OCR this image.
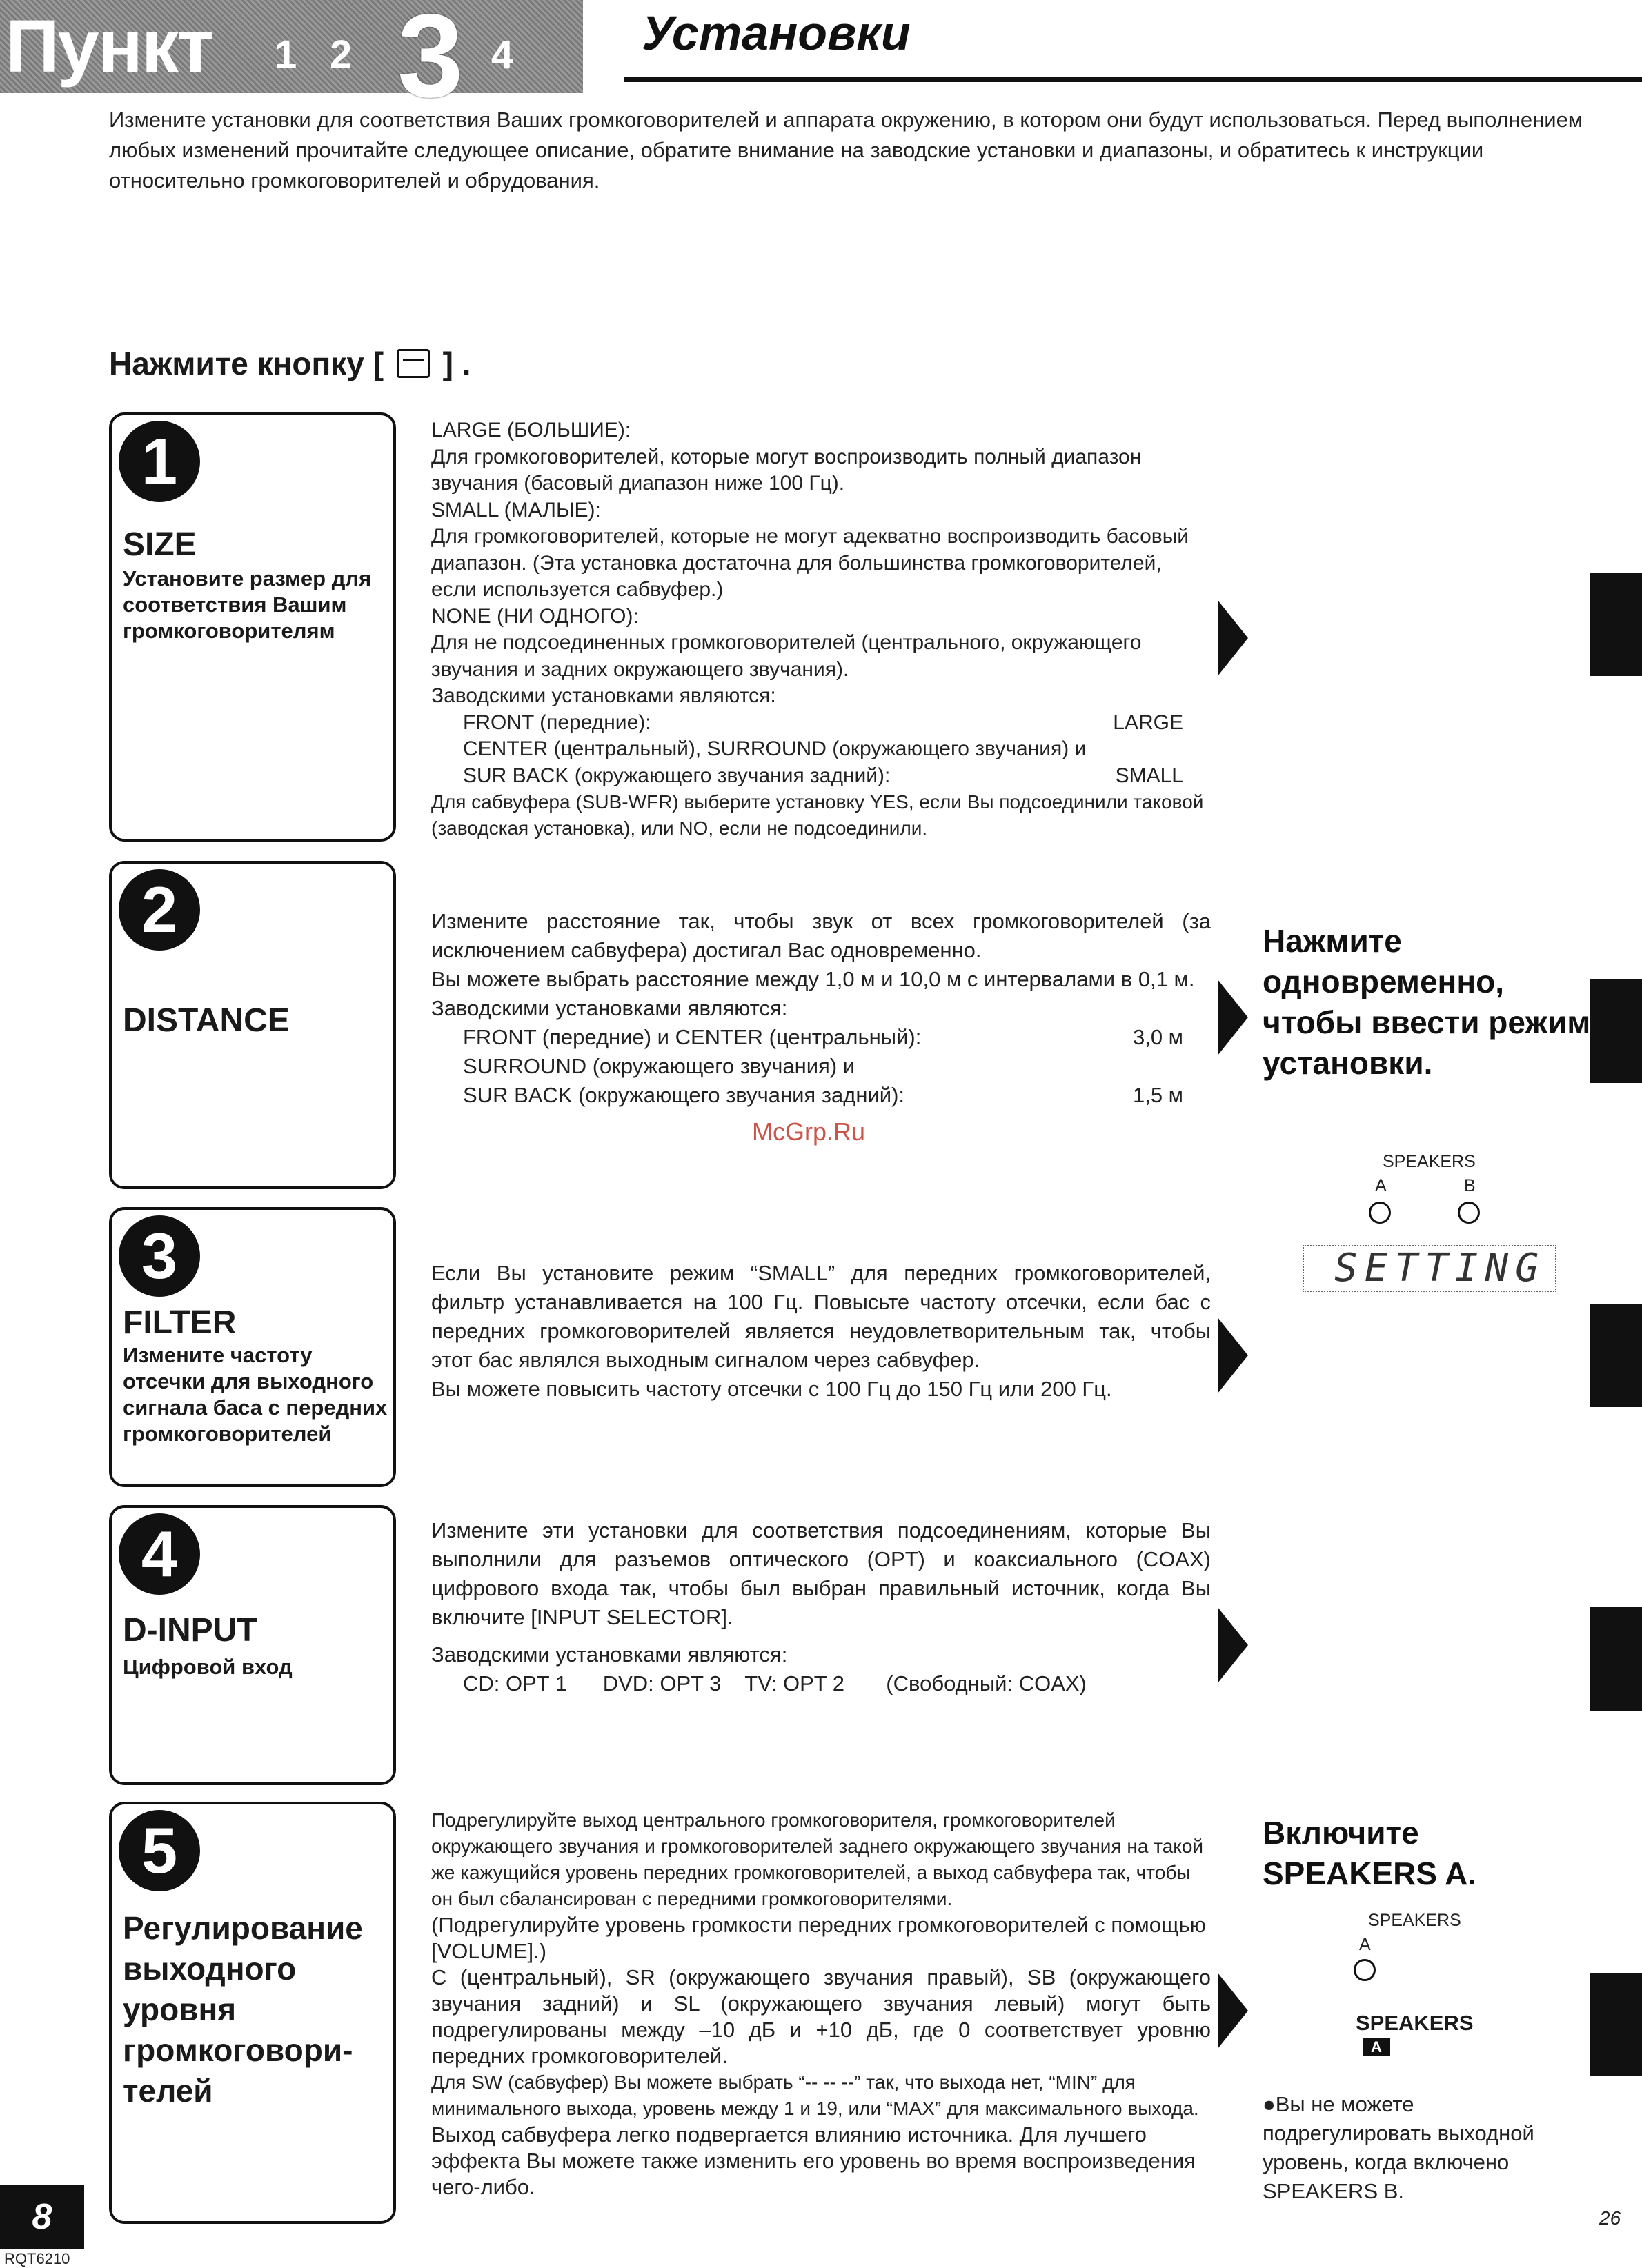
Пункт 1 2 3 4	Установки
Измените установки для соответствия Ваших громкоговорителей и аппарата окружению, в котором они будут использоваться. Перед выполнением любых изменений прочитайте следующее описание, обратите внимание на заводские установки и диапазоны, и обратитесь к инструкции относительно громкоговорителей и обрудования.
Нажмите кнопку [ ] .
1
SIZE
Установите размер для соответствия Вашим громкоговорителям
LARGE (БОЛЬШИЕ):
Для громкоговорителей, которые могут воспроизводить полный диапазон звучания (басовый диапазон ниже 100 Гц).
SMALL (МАЛЫЕ):
Для громкоговорителей, которые не могут адекватно воспроизводить басовый диапазон. (Эта установка достаточна для большинства громкоговорителей, если используется сабвуфер.)
NONE (НИ ОДНОГО):
Для не подсоединенных громкоговорителей (центрального, окружающего звучания и задних окружающего звучания).
Заводскими установками являются:
FRONT (передние):	LARGE
CENTER (центральный), SURROUND (окружающего звучания) и SUR BACK (окружающего звучания задний):	SMALL
Для сабвуфера (SUB-WFR) выберите установку YES, если Вы подсоединили таковой (заводская установка), или NO, если не подсоединили.
2
DISTANCE
Измените расстояние так, чтобы звук от всех громкоговорителей (за исключением сабвуфера) достигал Вас одновременно.
Вы можете выбрать расстояние между 1,0 м и 10,0 м с интервалами в 0,1 м.
Заводскими установками являются:
FRONT (передние) и CENTER (центральный):	3,0 м
SURROUND (окружающего звучания) и
SUR BACK (окружающего звучания задний):	1,5 м
3
FILTER
Измените частоту отсечки для выходного сигнала баса с передних громкоговорителей
Если Вы установите режим “SMALL” для передних громкоговорителей, фильтр устанавливается на 100 Гц. Повысьте частоту отсечки, если бас с передних громкоговорителей является неудовлетворительным так, чтобы этот бас являлся выходным сигналом через сабвуфер.
Вы можете повысить частоту отсечки с 100 Гц до 150 Гц или 200 Гц.
4
D-INPUT
Цифровой вход
Измените эти установки для соответствия подсоединениям, которые Вы выполнили для разъемов оптического (OPT) и коаксиального (COAX) цифрового входа так, чтобы был выбран правильный источник, когда Вы включите [INPUT SELECTOR].
Заводскими установками являются:
CD: OPT 1      DVD: OPT 3    TV: OPT 2       (Свободный: COAX)
5
Регулирование выходного уровня громкоговори-телей
Подрегулируйте выход центрального громкоговорителя, громкоговорителей окружающего звучания и громкоговорителей заднего окружающего звучания на такой же кажущийся уровень передних громкоговорителей, а выход сабвуфера так, чтобы он был сбалансирован с передними громкоговорителями.
(Подрегулируйте уровень громкости передних громкоговорителей с помощью [VOLUME].)
C (центральный), SR (окружающего звучания правый), SB (окружающего звучания задний) и SL (окружающего звучания левый) могут быть подрегулированы между –10 дБ и +10 дБ, где 0 соответствует уровню передних громкоговорителей.
Для SW (сабвуфер) Вы можете выбрать “-- -- --” так, что выхода нет, “MIN” для минимального выхода, уровень между 1 и 19, или “MAX” для максимального выхода.
Выход сабвуфера легко подвергается влиянию источника. Для лучшего эффекта Вы можете также изменить его уровень во время воспроизведения чего-либо.
Нажмите одновременно, чтобы ввести режим установки.
SPEAKERS
A	B
SETTING
Включите SPEAKERS A.
SPEAKERS
A
SPEAKERS
A
●Вы не можете подрегулировать выходной уровень, когда включено SPEAKERS B.
8
RQT6210
26
McGrp.Ru
